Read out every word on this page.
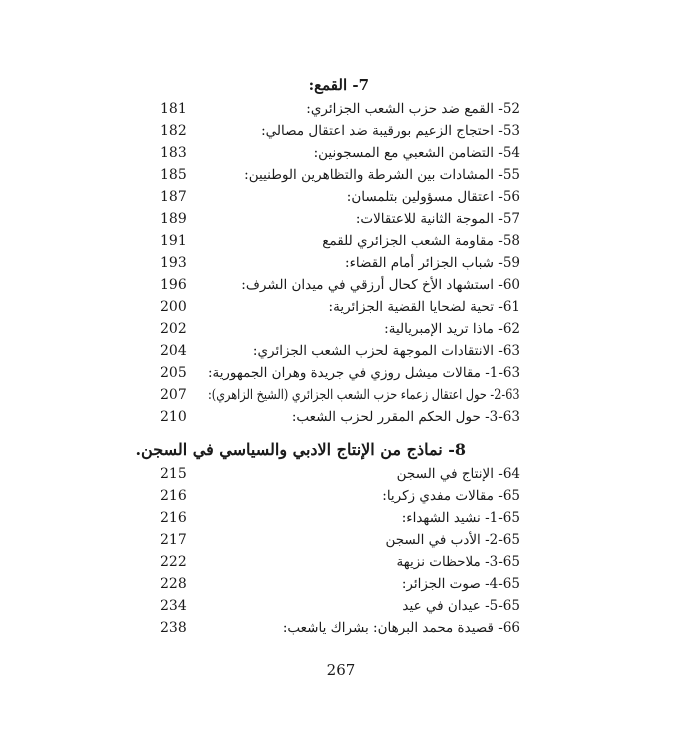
7- القمع:
52- القمع ضد حزب الشعب الجزائري:
181
53- احتجاج الزعيم بورقيبة ضد اعتقال مصالي:
182
54- التضامن الشعبي مع المسجونين:
183
55- المشادات بين الشرطة والتظاهرين الوطنيين:
185
56- اعتقال مسؤولين بتلمسان:
187
57- الموجة الثانية للاعتقالات:
189
58- مقاومة الشعب الجزائري للقمع
191
59- شباب الجزائر أمام القضاء:
193
60- استشهاد الأخ كحال أرزقي في ميدان الشرف:
196
61- تحية لضحايا القضية الجزائرية:
200
62- ماذا تريد الإمبريالية:
202
63- الانتقادات الموجهة لحزب الشعب الجزائري:
204
1-63- مقالات ميشل روزي في جريدة وهران الجمهورية:
205
2-63- حول اعتقال زعماء حزب الشعب الجزائري (الشيخ الزاهري):
207
3-63- حول الحكم المقرر لحزب الشعب:
210
8- نماذج من الإنتاج الادبي والسياسي في السجن.
64- الإنتاج في السجن
215
65- مقالات مفدي زكريا:
216
1-65- نشيد الشهداء:
216
2-65- الأدب في السجن
217
3-65- ملاحظات نزيهة
222
4-65- صوت الجزائر:
228
5-65- عيدان في عيد
234
66- قصيدة محمد البرهان: بشراك ياشعب:
238
267
